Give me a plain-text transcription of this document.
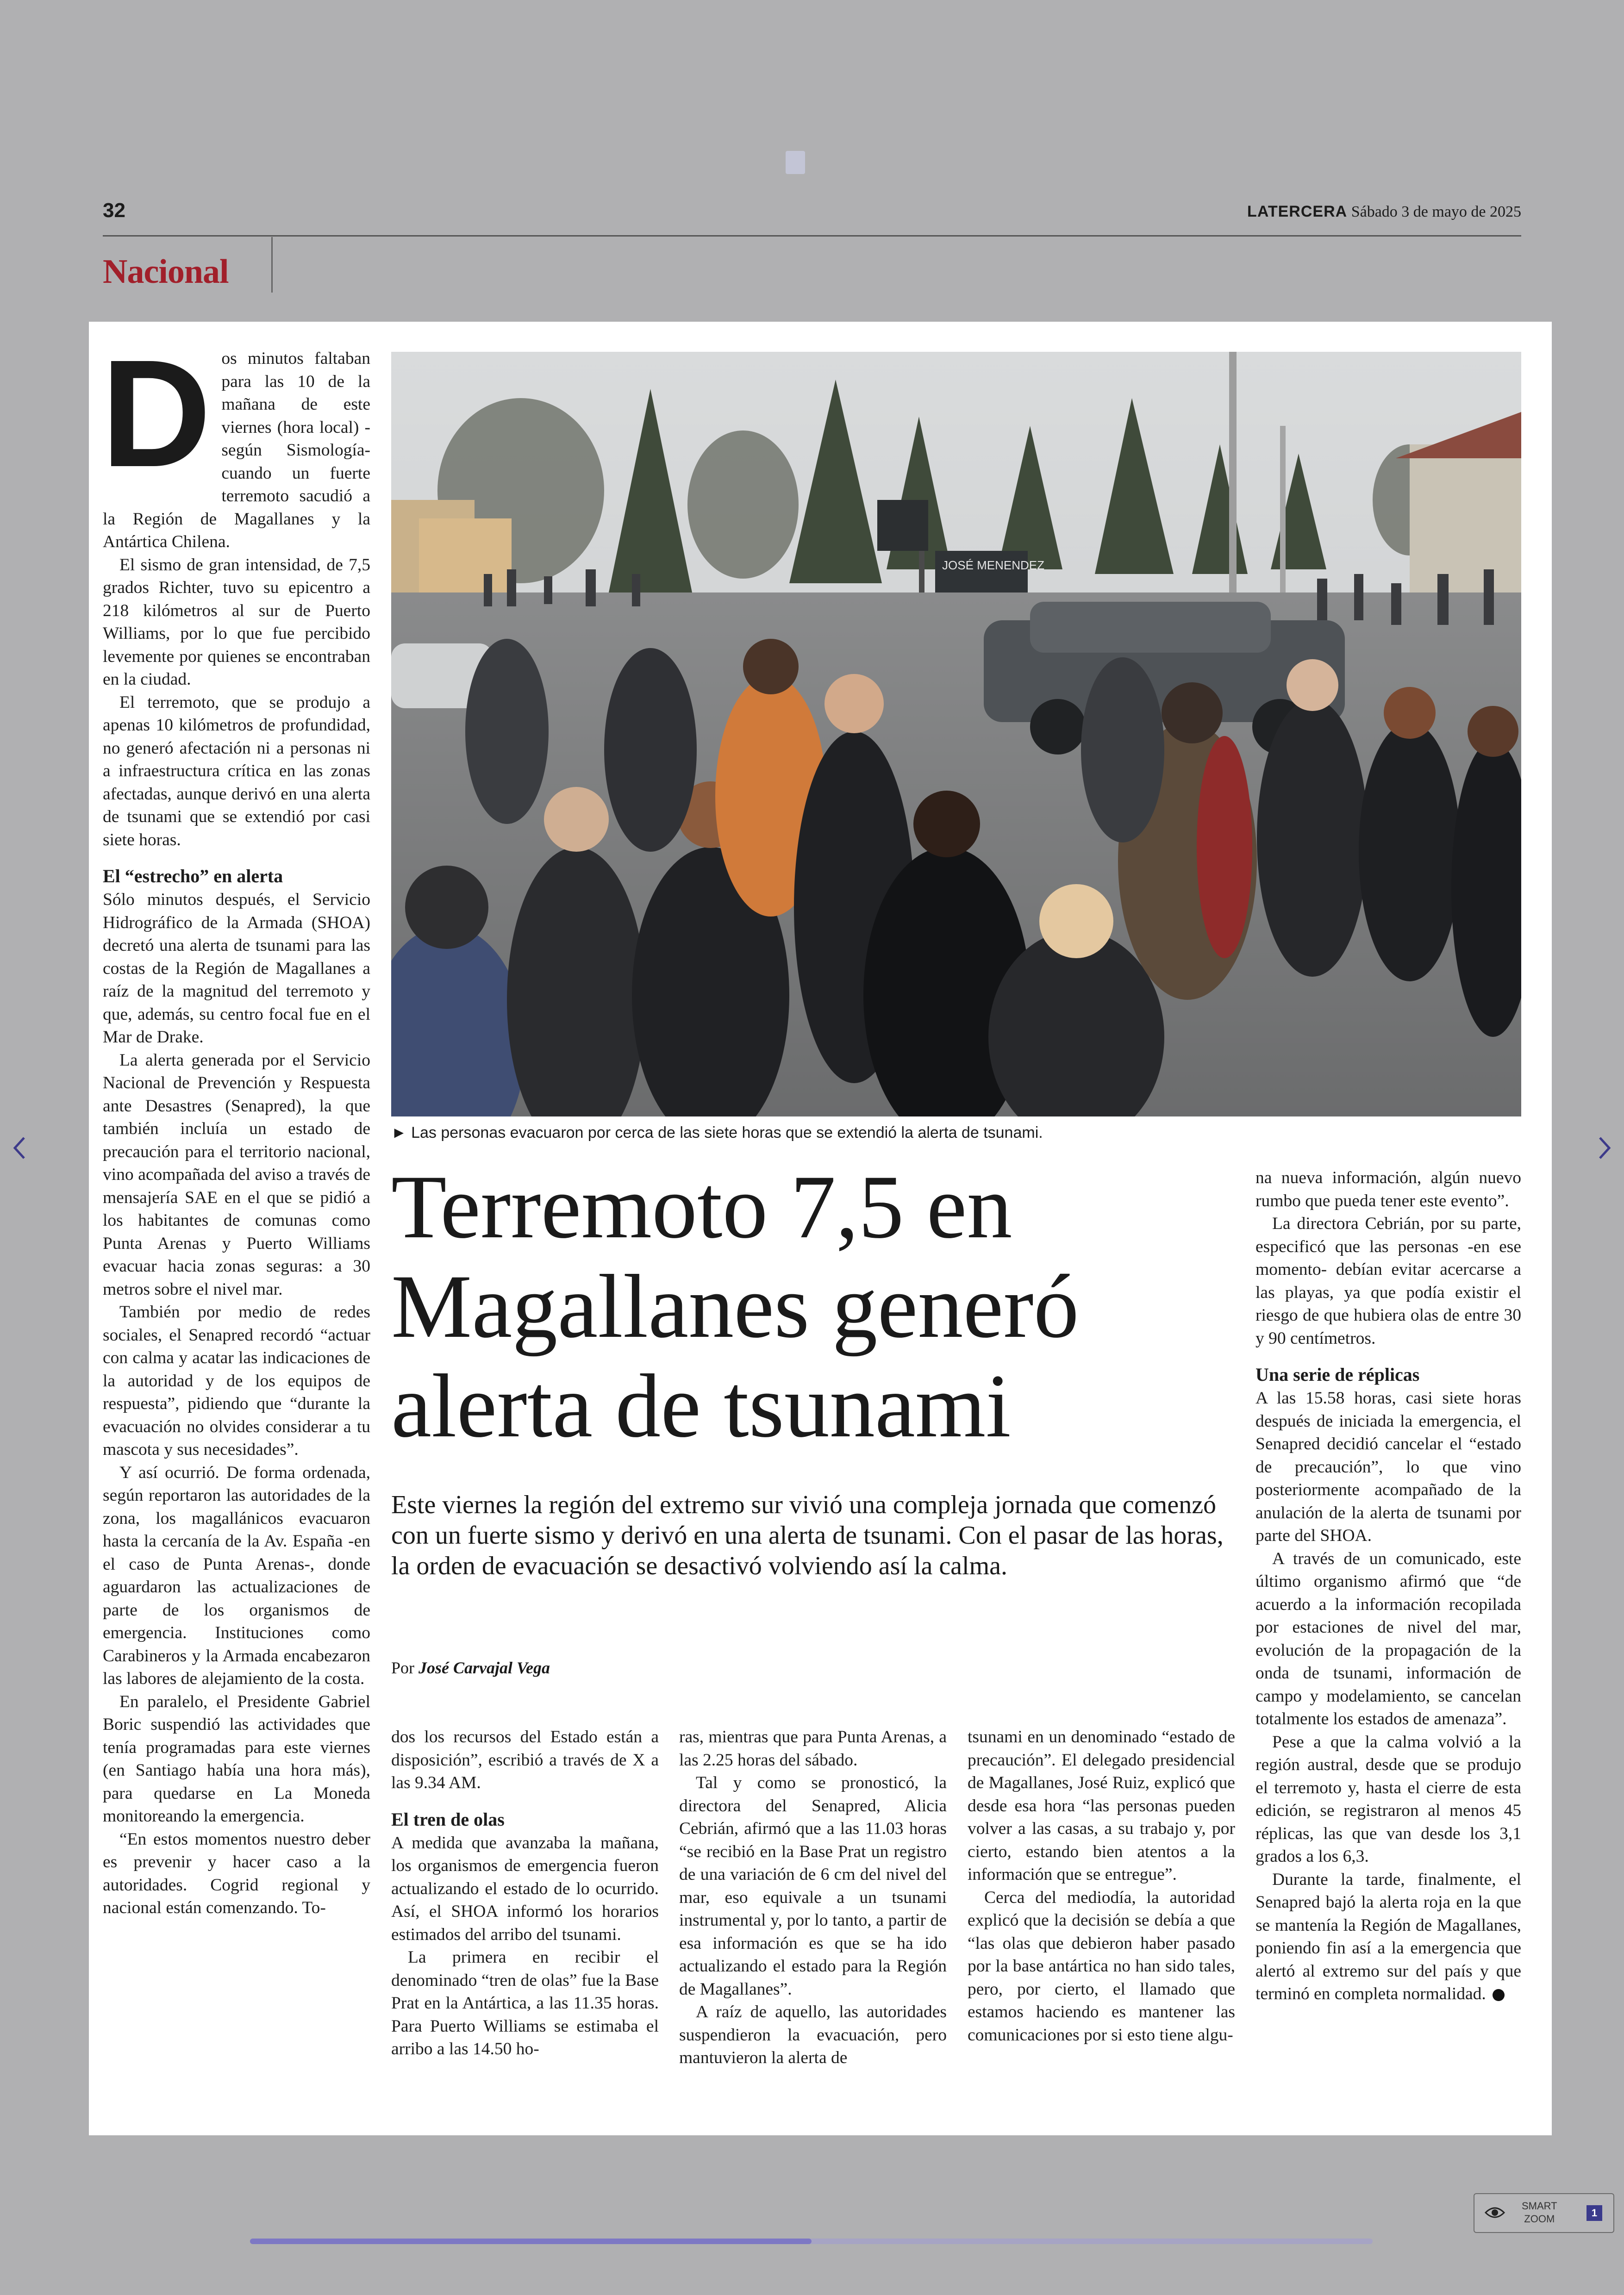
32	LATERCERA Sábado 3 de mayo de 2025
Nacional

Dos minutos faltaban para las 10 de la mañana de este viernes (hora local) -según Sismología- cuando un fuerte terremoto sacudió a la Región de Magallanes y la Antártica Chilena.

El sismo de gran intensidad, de 7,5 grados Richter, tuvo su epicentro a 218 kilómetros al sur de Puerto Williams, por lo que fue percibido levemente por quienes se encontraban en la ciudad.

El terremoto, que se produjo a apenas 10 kilómetros de profundidad, no generó afectación ni a personas ni a infraestructura crítica en las zonas afectadas, aunque derivó en una alerta de tsunami que se extendió por casi siete horas.

El “estrecho” en alerta

Sólo minutos después, el Servicio Hidrográfico de la Armada (SHOA) decretó una alerta de tsunami para las costas de la Región de Magallanes a raíz de la magnitud del terremoto y que, además, su centro focal fue en el Mar de Drake.

La alerta generada por el Servicio Nacional de Prevención y Respuesta ante Desastres (Senapred), la que también incluía un estado de precaución para el territorio nacional, vino acompañada del aviso a través de mensajería SAE en el que se pidió a los habitantes de comunas como Punta Arenas y Puerto Williams evacuar hacia zonas seguras: a 30 metros sobre el nivel mar.

También por medio de redes sociales, el Senapred recordó “actuar con calma y acatar las indicaciones de la autoridad y de los equipos de respuesta”, pidiendo que “durante la evacuación no olvides considerar a tu mascota y sus necesidades”.

Y así ocurrió. De forma ordenada, según reportaron las autoridades de la zona, los magallánicos evacuaron hasta la cercanía de la Av. España -en el caso de Punta Arenas-, donde aguardaron las actualizaciones de parte de los organismos de emergencia. Instituciones como Carabineros y la Armada encabezaron las labores de alejamiento de la costa.

En paralelo, el Presidente Gabriel Boric suspendió las actividades que tenía programadas para este viernes (en Santiago había una hora más), para quedarse en La Moneda monitoreando la emergencia.

“En estos momentos nuestro deber es prevenir y hacer caso a la autoridades. Cogrid regional y nacional están comenzando. To-

JOSÉ MENENDEZ
► Las personas evacuaron por cerca de las siete horas que se extendió la alerta de tsunami.
Terremoto 7,5 en Magallanes generó alerta de tsunami

Este viernes la región del extremo sur vivió una compleja jornada que comenzó con un fuerte sismo y derivó en una alerta de tsunami. Con el pasar de las horas, la orden de evacuación se desactivó volviendo así la calma.

Por José Carvajal Vega

dos los recursos del Estado están a disposición”, escribió a través de X a las 9.34 AM.

El tren de olas

A medida que avanzaba la mañana, los organismos de emergencia fueron actualizando el estado de lo ocurrido. Así, el SHOA informó los horarios estimados del arribo del tsunami.

La primera en recibir el denominado “tren de olas” fue la Base Prat en la Antártica, a las 11.35 horas. Para Puerto Williams se estimaba el arribo a las 14.50 ho-

ras, mientras que para Punta Arenas, a las 2.25 horas del sábado.

Tal y como se pronosticó, la directora del Senapred, Alicia Cebrián, afirmó que a las 11.03 horas “se recibió en la Base Prat un registro de una variación de 6 cm del nivel del mar, eso equivale a un tsunami instrumental y, por lo tanto, a partir de esa información es que se ha ido actualizando el estado para la Región de Magallanes”.

A raíz de aquello, las autoridades suspendieron la evacuación, pero mantuvieron la alerta de

tsunami en un denominado “estado de precaución”. El delegado presidencial de Magallanes, José Ruiz, explicó que desde esa hora “las personas pueden volver a las casas, a su trabajo y, por cierto, estando bien atentos a la información que se entregue”.

Cerca del mediodía, la autoridad explicó que la decisión se debía a que “las olas que debieron haber pasado por la base antártica no han sido tales, pero, por cierto, el llamado que estamos haciendo es mantener las comunicaciones por si esto tiene algu-

na nueva información, algún nuevo rumbo que pueda tener este evento”.

La directora Cebrián, por su parte, especificó que las personas -en ese momento- debían evitar acercarse a las playas, ya que podía existir el riesgo de que hubiera olas de entre 30 y 90 centímetros.

Una serie de réplicas

A las 15.58 horas, casi siete horas después de iniciada la emergencia, el Senapred decidió cancelar el “estado de precaución”, lo que vino posteriormente acompañado de la anulación de la alerta de tsunami por parte del SHOA.

A través de un comunicado, este último organismo afirmó que “de acuerdo a la información recopilada por estaciones de nivel del mar, evolución de la propagación de la onda de tsunami, información de campo y modelamiento, se cancelan totalmente los estados de amenaza”.

Pese a que la calma volvió a la región austral, desde que se produjo el terremoto y, hasta el cierre de esta edición, se registraron al menos 45 réplicas, las que van desde los 3,1 grados a los 6,3.

Durante la tarde, finalmente, el Senapred bajó la alerta roja en la que se mantenía la Región de Magallanes, poniendo fin así a la emergencia que alertó al extremo sur del país y que terminó en completa normalidad.

SMART
ZOOM
1
